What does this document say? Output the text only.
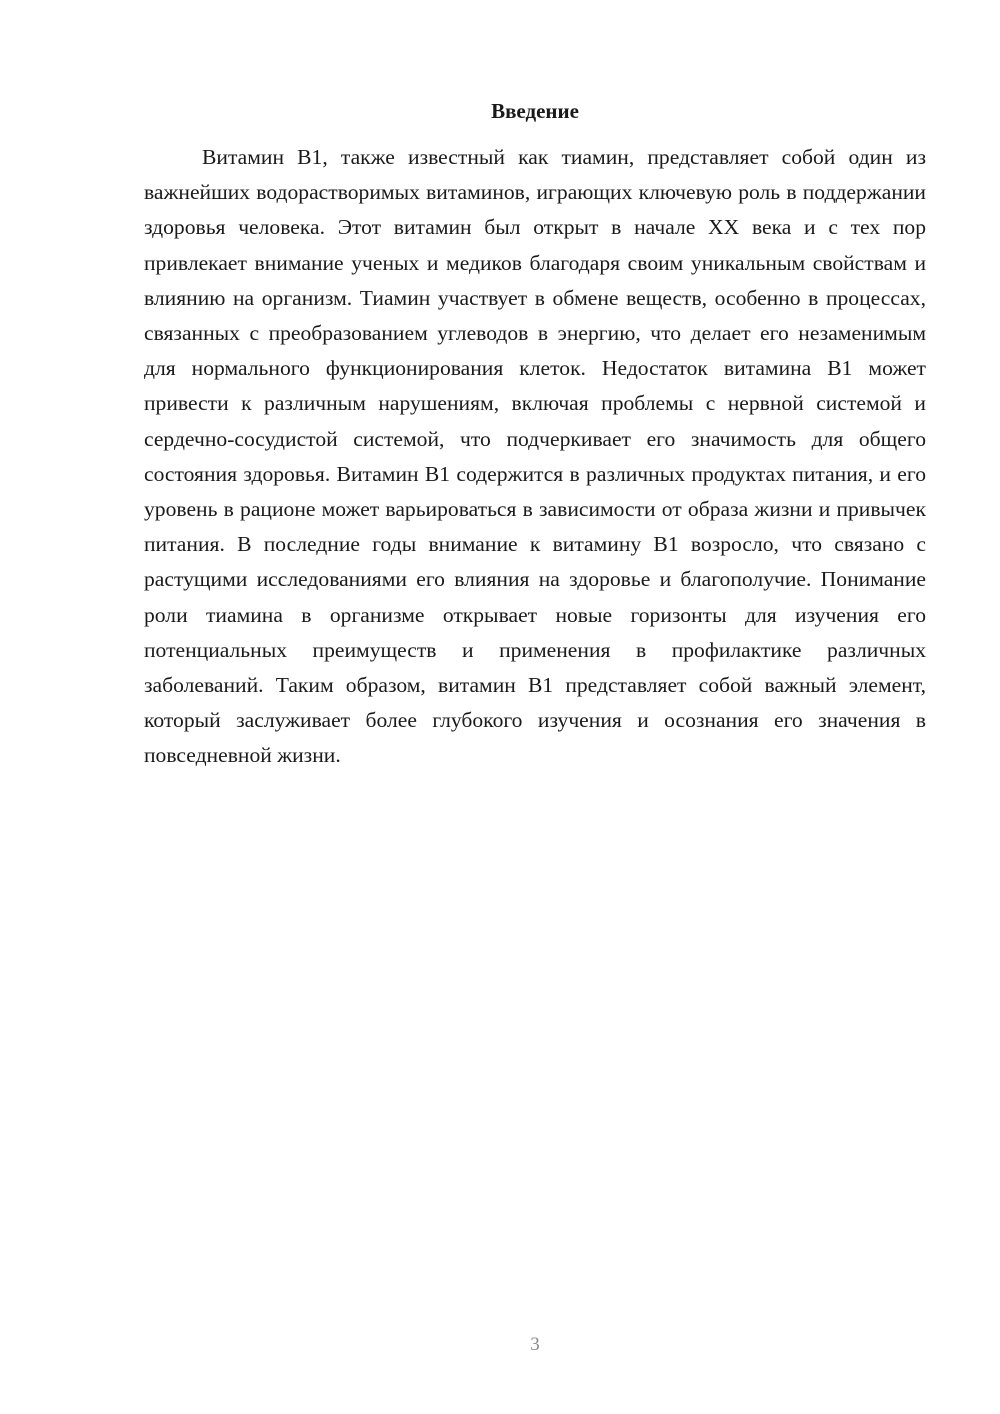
Введение

Витамин В1, также известный как тиамин, представляет собой один из важнейших водорастворимых витаминов, играющих ключевую роль в поддержании здоровья человека. Этот витамин был открыт в начале XX века и с тех пор привлекает внимание ученых и медиков благодаря своим уникальным свойствам и влиянию на организм. Тиамин участвует в обмене веществ, особенно в процессах, связанных с преобразованием углеводов в энергию, что делает его незаменимым для нормального функционирования клеток. Недостаток витамина В1 может привести к различным нарушениям, включая проблемы с нервной системой и сердечно-сосудистой системой, что подчеркивает его значимость для общего состояния здоровья. Витамин В1 содержится в различных продуктах питания, и его уровень в рационе может варьироваться в зависимости от образа жизни и привычек питания. В последние годы внимание к витамину В1 возросло, что связано с растущими исследованиями его влияния на здоровье и благополучие. Понимание роли тиамина в организме открывает новые горизонты для изучения его потенциальных преимуществ и применения в профилактике различных заболеваний. Таким образом, витамин В1 представляет собой важный элемент, который заслуживает более глубокого изучения и осознания его значения в повседневной жизни.

3
